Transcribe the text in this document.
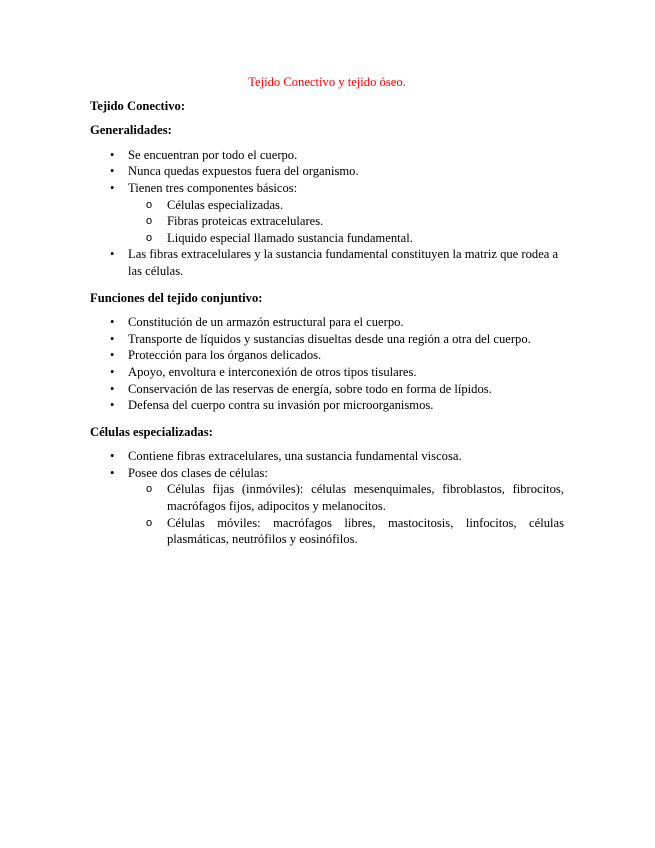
Tejido Conectivo y tejido óseo.

Tejido Conectivo:

Generalidades:

• Se encuentran por todo el cuerpo.
• Nunca quedas expuestos fuera del organismo.
• Tienen tres componentes básicos:
o Células especializadas.
o Fibras proteicas extracelulares.
o Liquido especial llamado sustancia fundamental.
• Las fibras extracelulares y la sustancia fundamental constituyen la matriz que rodea a las células.

Funciones del tejido conjuntivo:

• Constitución de un armazón estructural para el cuerpo.
• Transporte de líquidos y sustancias disueltas desde una región a otra del cuerpo.
• Protección para los órganos delicados.
• Apoyo, envoltura e interconexión de otros tipos tisulares.
• Conservación de las reservas de energía, sobre todo en forma de lípidos.
• Defensa del cuerpo contra su invasión por microorganismos.

Células especializadas:

• Contiene fibras extracelulares, una sustancia fundamental viscosa.
• Posee dos clases de células:
o Células fijas (inmóviles): células mesenquimales, fibroblastos, fibrocitos, macrófagos fijos, adipocitos y melanocitos.
o Células móviles: macrófagos libres, mastocitosis, linfocitos, células plasmáticas, neutrófilos y eosinófilos.
